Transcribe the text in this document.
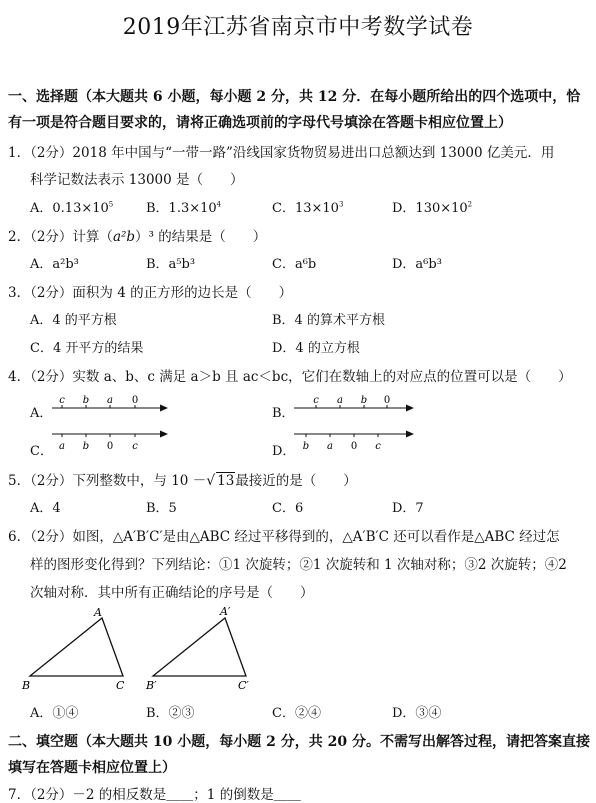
2019年江苏省南京市中考数学试卷
一、选择题（本大题共 6 小题，每小题 2 分，共 12 分．在每小题所给出的四个选项中，恰
有一项是符合题目要求的，请将正确选项前的字母代号填涂在答题卡相应位置上）
1．（2分）2018 年中国与“一带一路”沿线国家货物贸易进出口总额达到 13000 亿美元．用
科学记数法表示 13000 是（　　）
A．$0.13\times 10^5$	B．$1.3\times 10^4$	C．$13\times 10^3$	D．$130\times 10^2$
2．（2分）计算（a²b）³ 的结果是（　　）
A．a²b³	B．a⁵b³	C．a⁶b	D．a⁶b³
3．（2分）面积为 4 的正方形的边长是（　　）
A．4 的平方根	B．4 的算术平方根
C．4 开平方的结果	D．4 的立方根
4．（2分）实数 a、b、c 满足 a＞b 且 ac＜bc，它们在数轴上的对应点的位置可以是（　　）
A．
c b a 0
B．
c a b 0
C． a b 0 c	D． b a 0 c
5．（2分）下列整数中，与 10 －√ 13最接近的是（　　）
A．4	B．5	C．6	D．7
6．（2分）如图，△A′B′C′是由△ABC 经过平移得到的，△A′B′C 还可以看作是△ABC 经过怎
样的图形变化得到？下列结论：①1 次旋转；②1 次旋转和 1 次轴对称；③2 次旋转；④2
次轴对称．其中所有正确结论的序号是（　　）
A
B	C
A′
B′	C′
A．①④	B．②③	C．②④	D．③④
二、填空题（本大题共 10 小题，每小题 2 分，共 20 分。不需写出解答过程，请把答案直接
填写在答题卡相应位置上）
7．（2分）－2 的相反数是＿＿；1 的倒数是＿＿
